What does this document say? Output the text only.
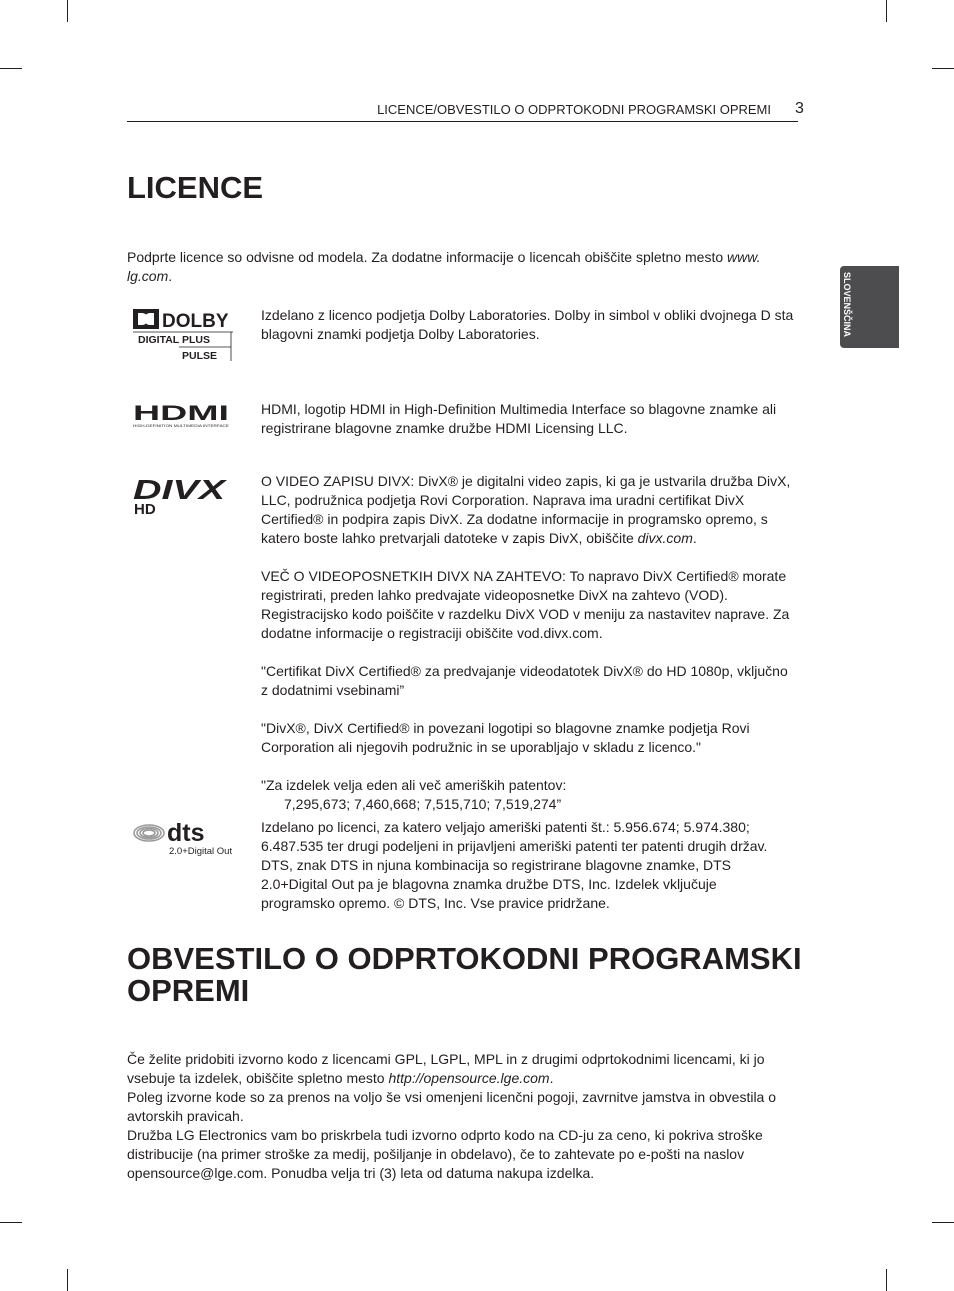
LICENCE/OBVESTILO O ODPRTOKODNI PROGRAMSKI OPREMI 3
SLOVENŠČINA
LICENCE

Podprte licence so odvisne od modela. Za dodatne informacije o licencah obiščite spletno mesto www.
lg.com.

DOLBY
DIGITAL PLUS
PULSE

Izdelano z licenco podjetja Dolby Laboratories. Dolby in simbol v obliki dvojnega D sta blagovni znamki podjetja Dolby Laboratories.

HDMI
HIGH-DEFINITION MULTIMEDIA INTERFACE

HDMI, logotip HDMI in High-Definition Multimedia Interface so blagovne znamke ali registrirane blagovne znamke družbe HDMI Licensing LLC.

DIVX
HD

O VIDEO ZAPISU DIVX: DivX® je digitalni video zapis, ki ga je ustvarila družba DivX, LLC, podružnica podjetja Rovi Corporation. Naprava ima uradni certifikat DivX Certified® in podpira zapis DivX. Za dodatne informacije in programsko opremo, s katero boste lahko pretvarjali datoteke v zapis DivX, obiščite divx.com.

VEČ O VIDEOPOSNETKIH DIVX NA ZAHTEVO: To napravo DivX Certified® morate registrirati, preden lahko predvajate videoposnetke DivX na zahtevo (VOD). Registracijsko kodo poiščite v razdelku DivX VOD v meniju za nastavitev naprave. Za dodatne informacije o registraciji obiščite vod.divx.com.

"Certifikat DivX Certified® za predvajanje videodatotek DivX® do HD 1080p, vključno z dodatnimi vsebinami”

"DivX®, DivX Certified® in povezani logotipi so blagovne znamke podjetja Rovi Corporation ali njegovih podružnic in se uporabljajo v skladu z licenco."

"Za izdelek velja eden ali več ameriških patentov:

7,295,673; 7,460,668; 7,515,710; 7,519,274”

dts
2.0+Digital Out

Izdelano po licenci, za katero veljajo ameriški patenti št.: 5.956.674; 5.974.380; 6.487.535 ter drugi podeljeni in prijavljeni ameriški patenti ter patenti drugih držav. DTS, znak DTS in njuna kombinacija so registrirane blagovne znamke, DTS 2.0+Digital Out pa je blagovna znamka družbe DTS, Inc. Izdelek vključuje programsko opremo. © DTS, Inc. Vse pravice pridržane.

OBVESTILO O ODPRTOKODNI PROGRAMSKI
OPREMI

Če želite pridobiti izvorno kodo z licencami GPL, LGPL, MPL in z drugimi odprtokodnimi licencami, ki jo vsebuje ta izdelek, obiščite spletno mesto http://opensource.lge.com.

Poleg izvorne kode so za prenos na voljo še vsi omenjeni licenčni pogoji, zavrnitve jamstva in obvestila o avtorskih pravicah.

Družba LG Electronics vam bo priskrbela tudi izvorno odprto kodo na CD-ju za ceno, ki pokriva stroške distribucije (na primer stroške za medij, pošiljanje in obdelavo), če to zahtevate po e-pošti na naslov opensource@lge.com. Ponudba velja tri (3) leta od datuma nakupa izdelka.
